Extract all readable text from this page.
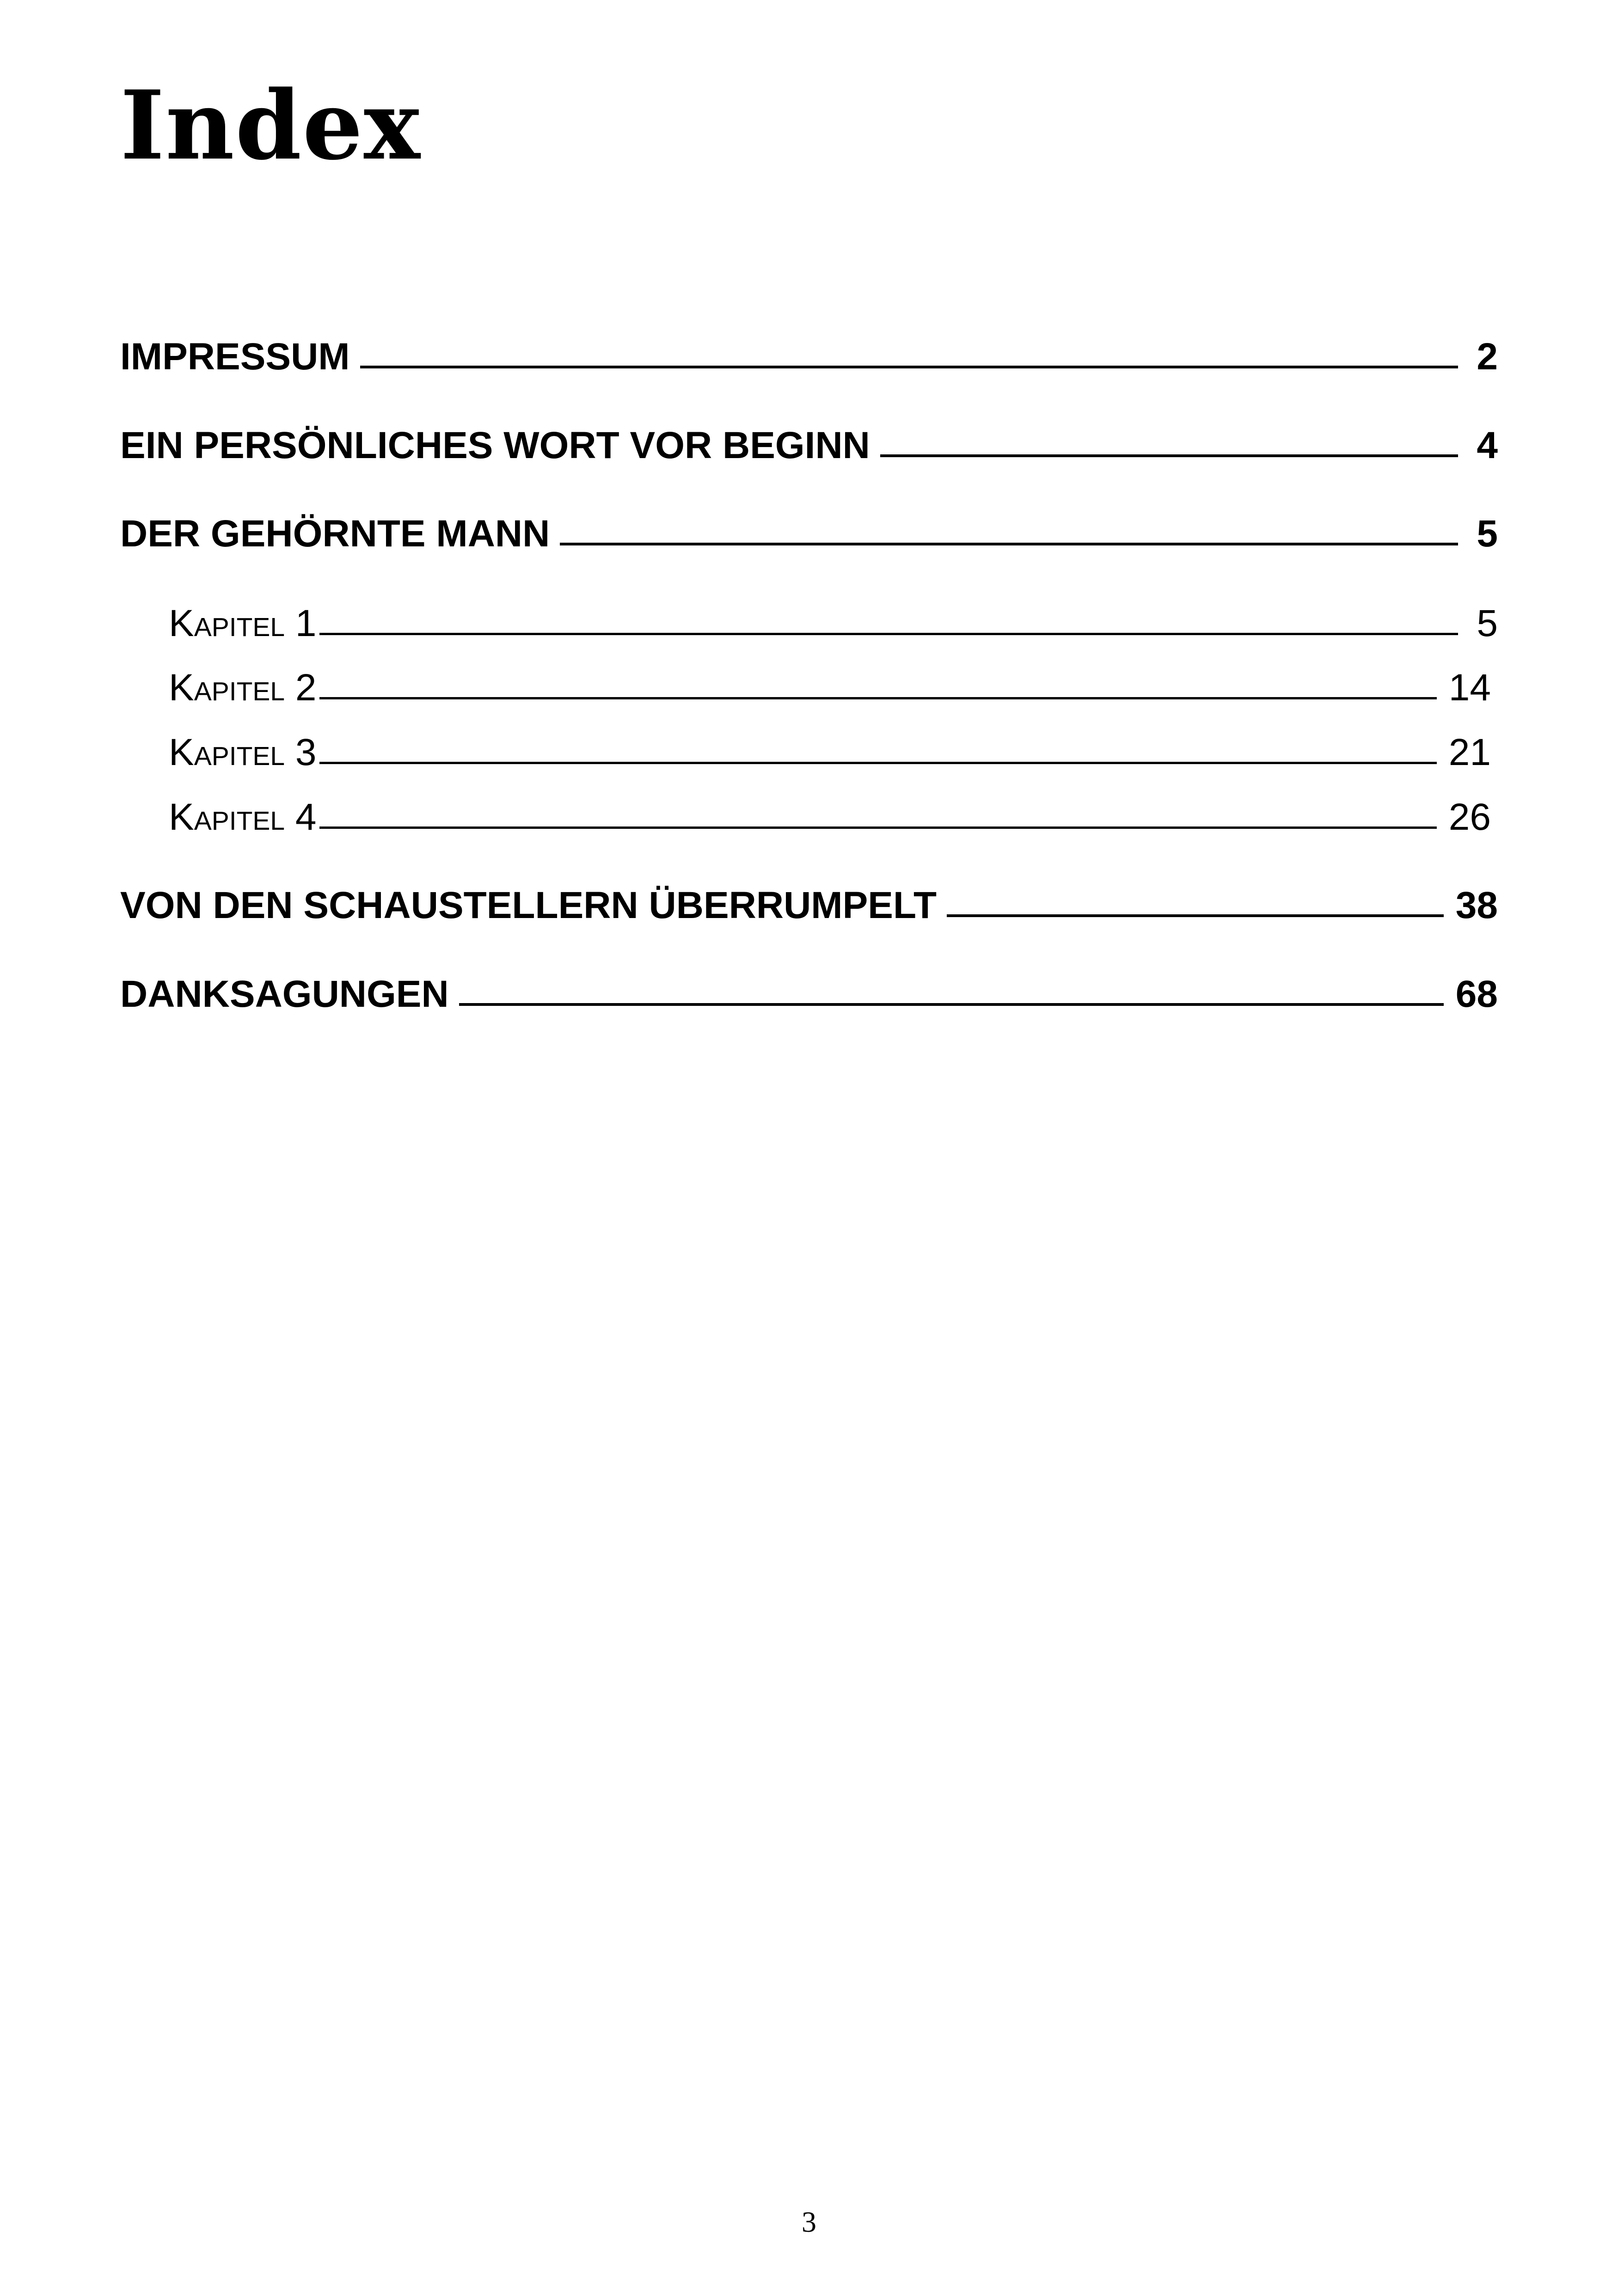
Index
IMPRESSUM	2
EIN PERSÖNLICHES WORT VOR BEGINN	4
DER GEHÖRNTE MANN	5
Kapitel 1	5
Kapitel 2	14
Kapitel 3	21
Kapitel 4	26
VON DEN SCHAUSTELLERN ÜBERRUMPELT	38
DANKSAGUNGEN	68
3
